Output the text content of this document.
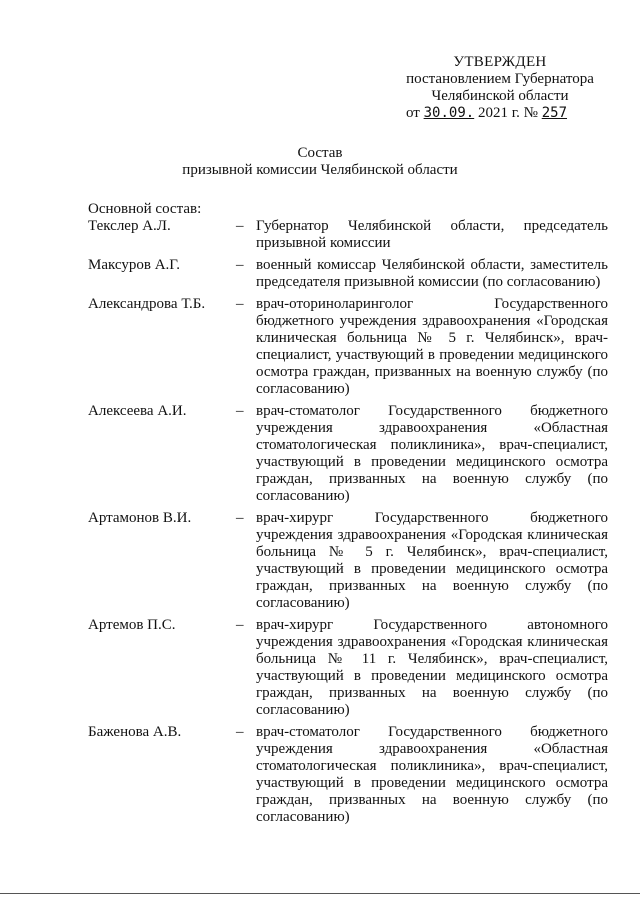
УТВЕРЖДЕН
постановлением Губернатора
Челябинской области
от 30.09. 2021 г. № 257
Состав
призывной комиссии Челябинской области
Основной состав:
Текслер А.Л.	– Губернатор Челябинской области, председатель призывной комиссии
Максуров А.Г.	– военный комиссар Челябинской области, заместитель председателя призывной комиссии (по согласованию)
Александрова Т.Б.	– врач-оториноларинголог Государственного бюджетного учреждения здравоохранения «Городская клиническая больница № 5 г. Челябинск», врач-специалист, участвующий в проведении медицинского осмотра граждан, призванных на военную службу (по согласованию)
Алексеева А.И.	– врач-стоматолог Государственного бюджетного учреждения здравоохранения «Областная стоматологическая поликлиника», врач-специалист, участвующий в проведении медицинского осмотра граждан, призванных на военную службу (по согласованию)
Артамонов В.И.	– врач-хирург Государственного бюджетного учреждения здравоохранения «Городская клиническая больница № 5 г. Челябинск», врач-специалист, участвующий в проведении медицинского осмотра граждан, призванных на военную службу (по согласованию)
Артемов П.С.	– врач-хирург Государственного автономного учреждения здравоохранения «Городская клиническая больница № 11 г. Челябинск», врач-специалист, участвующий в проведении медицинского осмотра граждан, призванных на военную службу (по согласованию)
Баженова А.В.	– врач-стоматолог Государственного бюджетного учреждения здравоохранения «Областная стоматологическая поликлиника», врач-специалист, участвующий в проведении медицинского осмотра граждан, призванных на военную службу (по согласованию)
